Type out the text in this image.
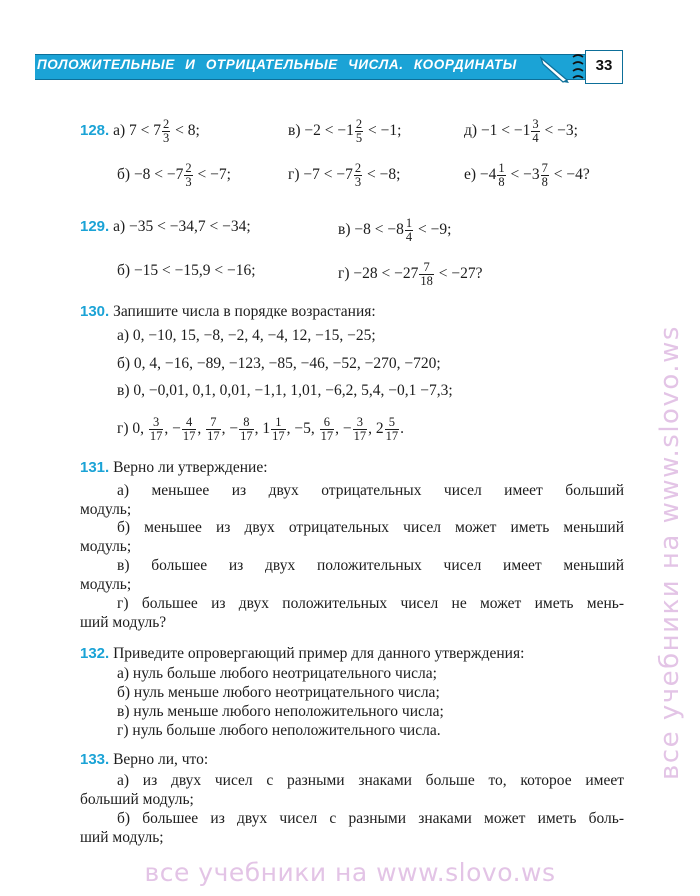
ПОЛОЖИТЕЛЬНЫЕ И ОТРИЦАТЕЛЬНЫЕ ЧИСЛА. КООРДИНАТЫ	33
128. а) $7 < 7 \frac{2}{3} < 8$;	$в) -2 < -1 \frac{2}{5} < -1$;	$д) -1 < -1 \frac{3}{4} < -3$;
$б) -8 < -7 \frac{2}{3} < -7$;	$г) -7 < -7 \frac{2}{3} < -8$;	$е) -4 \frac{1}{8} < -3 \frac{7}{8} < -4$?
129. а) −35 < −34,7 < −34;	$в) -8 < -8 \frac{1}{4} < -9$;
б) −15 < −15,9 < −16;	$г) -28 < -27 \frac{7}{18} < -27$?
130. Запишите числа в порядке возрастания:
а) 0, −10, 15, −8, −2, 4, −4, 12, −15, −25;
б) 0, 4, −16, −89, −123, −85, −46, −52, −270, −720;
в) 0, −0,01, 0,1, 0,01, −1,1, 1,01, −6,2, 5,4, −0,1 −7,3;
г) 0, $\frac{3}{17}$ , − $\frac{4}{17}$ , $\frac{7}{17}$ , − $\frac{8}{17}$ , $1 \frac{1}{17}$ , −5, $\frac{6}{17}$ , − $\frac{3}{17}$ , $2 \frac{5}{17}$ .
131. Верно ли утверждение:
а) меньшее из двух отрицательных чисел имеет больший
модуль;
б) меньшее из двух отрицательных чисел может иметь меньший
модуль;
в) большее из двух положительных чисел имеет меньший
модуль;
г) большее из двух положительных чисел не может иметь мень-
ший модуль?
132. Приведите опровергающий пример для данного утверждения:
а) нуль больше любого неотрицательного числа;
б) нуль меньше любого неотрицательного числа;
в) нуль меньше любого неположительного числа;
г) нуль больше любого неположительного числа.
133. Верно ли, что:
а) из двух чисел с разными знаками больше то, которое имеет
больший модуль;
б) большее из двух чисел с разными знаками может иметь боль-
ший модуль;
все учебники на www.slovo.ws
все учебники на www.slovo.ws
